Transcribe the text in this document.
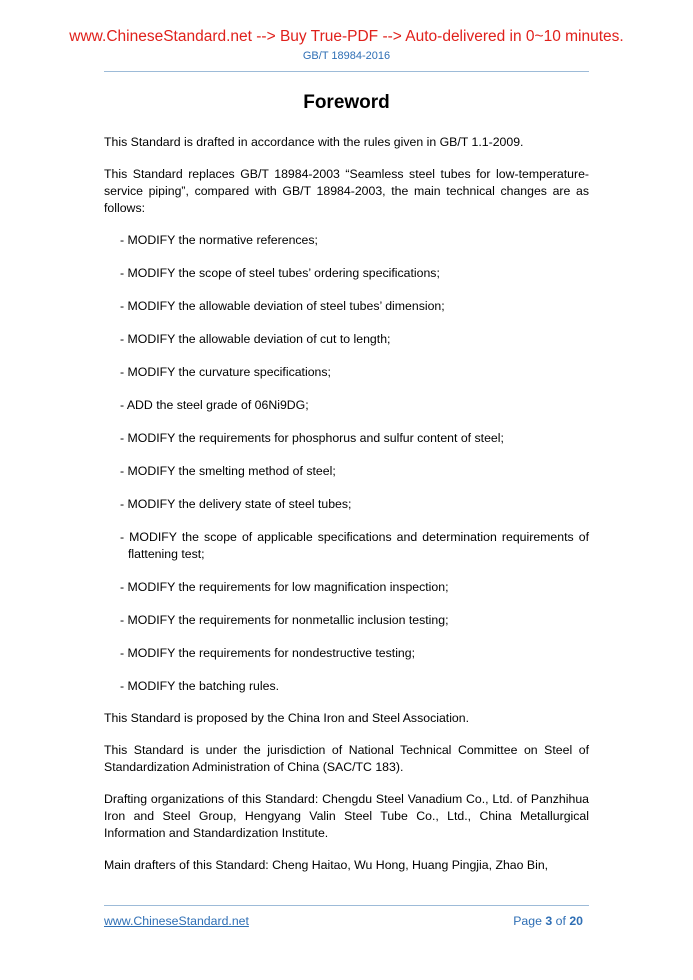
www.ChineseStandard.net --> Buy True-PDF --> Auto-delivered in 0~10 minutes.
GB/T 18984-2016
Foreword

This Standard is drafted in accordance with the rules given in GB/T 1.1-2009.

This Standard replaces GB/T 18984-2003 “Seamless steel tubes for low-temperature-service piping”, compared with GB/T 18984-2003, the main technical changes are as follows:

- MODIFY the normative references;
- MODIFY the scope of steel tubes’ ordering specifications;
- MODIFY the allowable deviation of steel tubes’ dimension;
- MODIFY the allowable deviation of cut to length;
- MODIFY the curvature specifications;
- ADD the steel grade of 06Ni9DG;
- MODIFY the requirements for phosphorus and sulfur content of steel;
- MODIFY the smelting method of steel;
- MODIFY the delivery state of steel tubes;
- MODIFY the scope of applicable specifications and determination requirements of flattening test;
- MODIFY the requirements for low magnification inspection;
- MODIFY the requirements for nonmetallic inclusion testing;
- MODIFY the requirements for nondestructive testing;
- MODIFY the batching rules.

This Standard is proposed by the China Iron and Steel Association.

This Standard is under the jurisdiction of National Technical Committee on Steel of Standardization Administration of China (SAC/TC 183).

Drafting organizations of this Standard: Chengdu Steel Vanadium Co., Ltd. of Panzhihua Iron and Steel Group, Hengyang Valin Steel Tube Co., Ltd., China Metallurgical Information and Standardization Institute.

Main drafters of this Standard: Cheng Haitao, Wu Hong, Huang Pingjia, Zhao Bin,

www.ChineseStandard.net	Page 3 of 20
